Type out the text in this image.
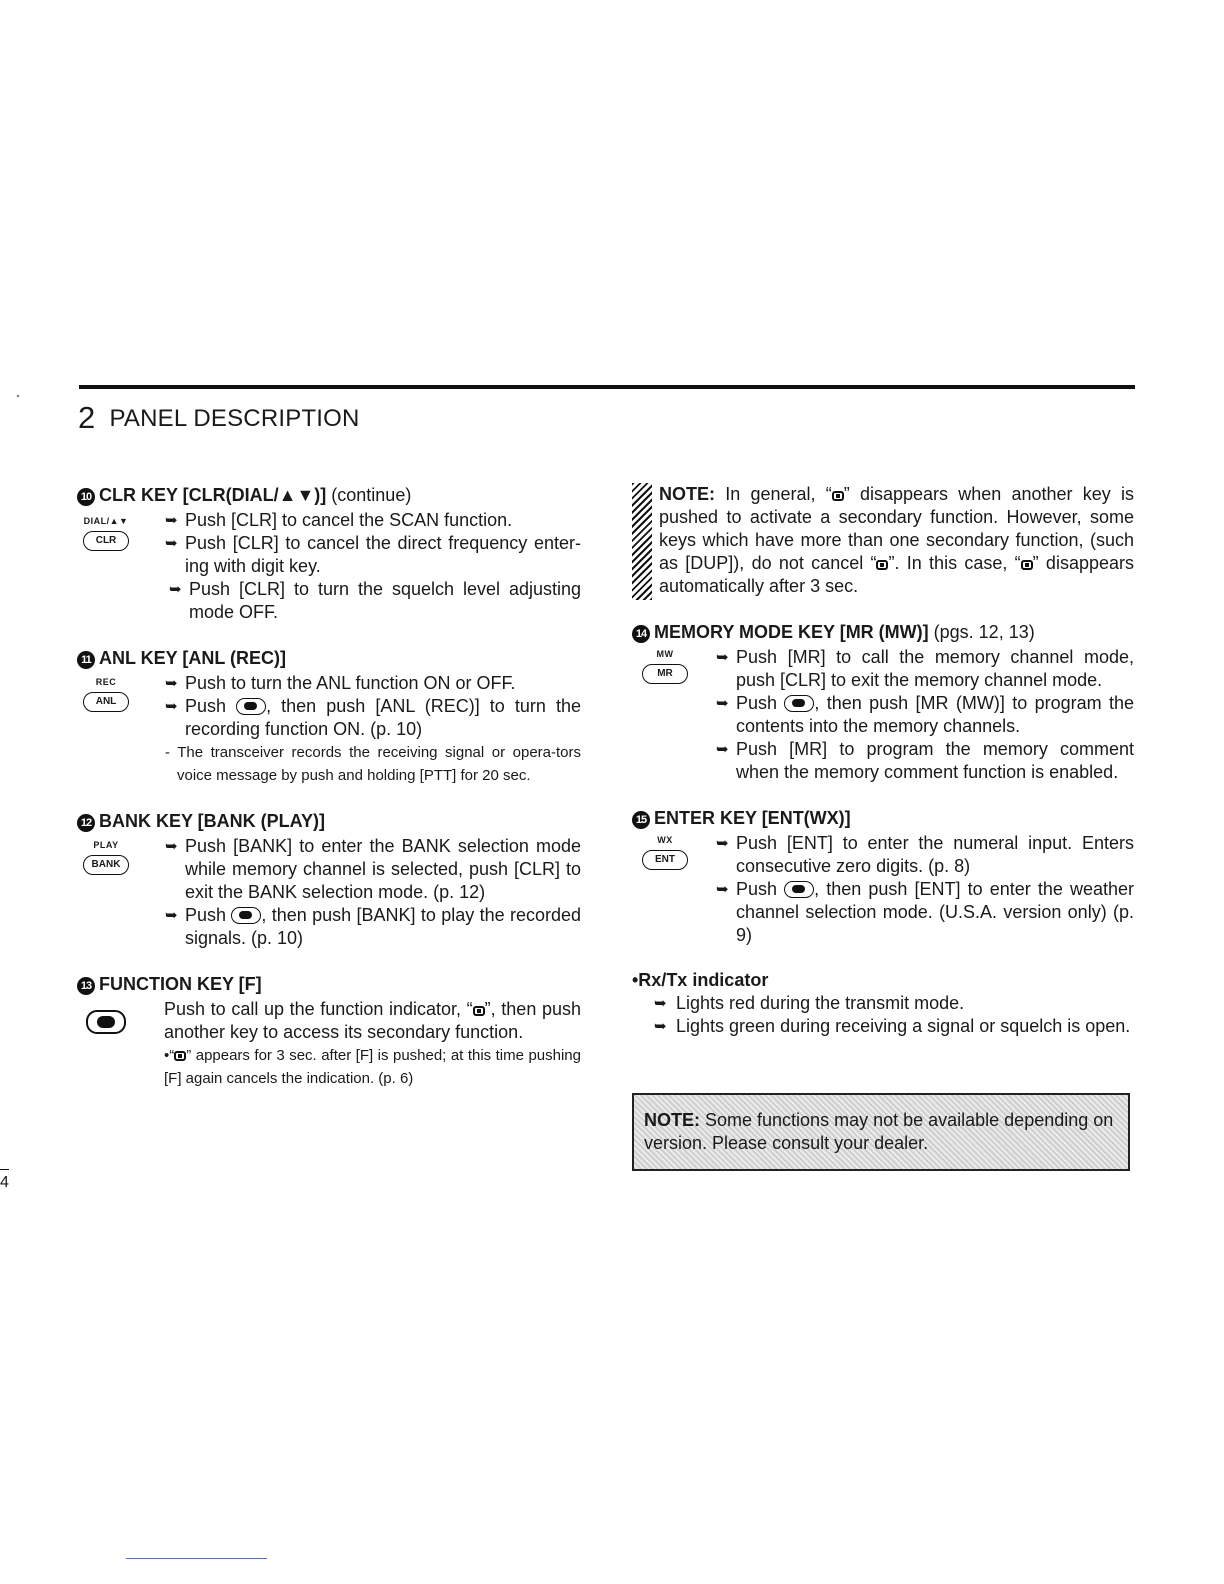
2 PANEL DESCRIPTION
10 CLR KEY [CLR(DIAL/▲▼)] (continue)
DIAL/▲▼
CLR
➥ Push [CLR] to cancel the SCAN function.
➥ Push [CLR] to cancel the direct frequency enter-ing with digit key.
➥ Push [CLR] to turn the squelch level adjusting mode OFF.
11 ANL KEY [ANL (REC)]
REC
ANL
➥ Push to turn the ANL function ON or OFF.
➥ Push , then push [ANL (REC)] to turn the recording function ON. (p. 10)
- The transceiver records the receiving signal or opera-tors voice message by push and holding [PTT] for 20 sec.
12 BANK KEY [BANK (PLAY)]
PLAY
BANK
➥ Push [BANK] to enter the BANK selection mode while memory channel is selected, push [CLR] to exit the BANK selection mode. (p. 12)
➥ Push , then push [BANK] to play the recorded signals. (p. 10)
13 FUNCTION KEY [F]
Push to call up the function indicator, “ ”, then push another key to access its secondary function.
•“ ” appears for 3 sec. after [F] is pushed; at this time pushing [F] again cancels the indication. (p. 6)
NOTE: In general, “ ” disappears when another key is pushed to activate a secondary function. However, some keys which have more than one secondary function, (such as [DUP]), do not cancel “ ”. In this case, “ ” disappears automatically after 3 sec.
14 MEMORY MODE KEY [MR (MW)] (pgs. 12, 13)
MW
MR
➥ Push [MR] to call the memory channel mode, push [CLR] to exit the memory channel mode.
➥ Push , then push [MR (MW)] to program the contents into the memory channels.
➥ Push [MR] to program the memory comment when the memory comment function is enabled.
15 ENTER KEY [ENT(WX)]
WX
ENT
➥ Push [ENT] to enter the numeral input. Enters consecutive zero digits. (p. 8)
➥ Push , then push [ENT] to enter the weather channel selection mode. (U.S.A. version only) (p. 9)
•Rx/Tx indicator
➥ Lights red during the transmit mode.
➥ Lights green during receiving a signal or squelch is open.
NOTE: Some functions may not be available depending on version. Please consult your dealer.
4
